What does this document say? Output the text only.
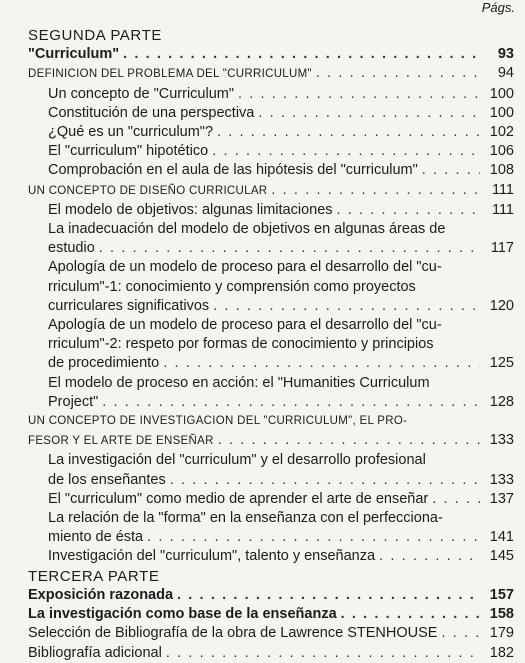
Págs.
SEGUNDA PARTE
"Curriculum" . . .	93
DEFINICION DEL PROBLEMA DEL "CURRICULUM" . . .	94
Un concepto de "Curriculum" . . .	100
Constitución de una perspectiva . . .	100
¿Qué es un "curriculum"? . . .	102
El "curriculum" hipotético . . .	106
Comprobación en el aula de las hipótesis del "curriculum" . . .	108
UN CONCEPTO DE DISEÑO CURRICULAR . . .	111
El modelo de objetivos: algunas limitaciones . . .	111
La inadecuación del modelo de objetivos en algunas áreas de
estudio . . .	117
Apología de un modelo de proceso para el desarrollo del "cu-
rriculum"-1: conocimiento y comprensión como proyectos
curriculares significativos . . .	120
Apología de un modelo de proceso para el desarrollo del "cu-
rriculum"-2: respeto por formas de conocimiento y principios
de procedimiento . . .	125
El modelo de proceso en acción: el "Humanities Curriculum
Project" . . .	128
UN CONCEPTO DE INVESTIGACION DEL "CURRICULUM", EL PRO-
FESOR Y EL ARTE DE ENSEÑAR . . .	133
La investigación del "curriculum" y el desarrollo profesional
de los enseñantes . . .	133
El "curriculum" como medio de aprender el arte de enseñar . . .	137
La relación de la "forma" en la enseñanza con el perfecciona-
miento de ésta . . .	141
Investigación del "curriculum", talento y enseñanza . . .	145
TERCERA PARTE
Exposición razonada . . .	157
La investigación como base de la enseñanza . . .	158
Selección de Bibliografía de la obra de Lawrence STENHOUSE . . .	179
Bibliografía adicional . . .	182
